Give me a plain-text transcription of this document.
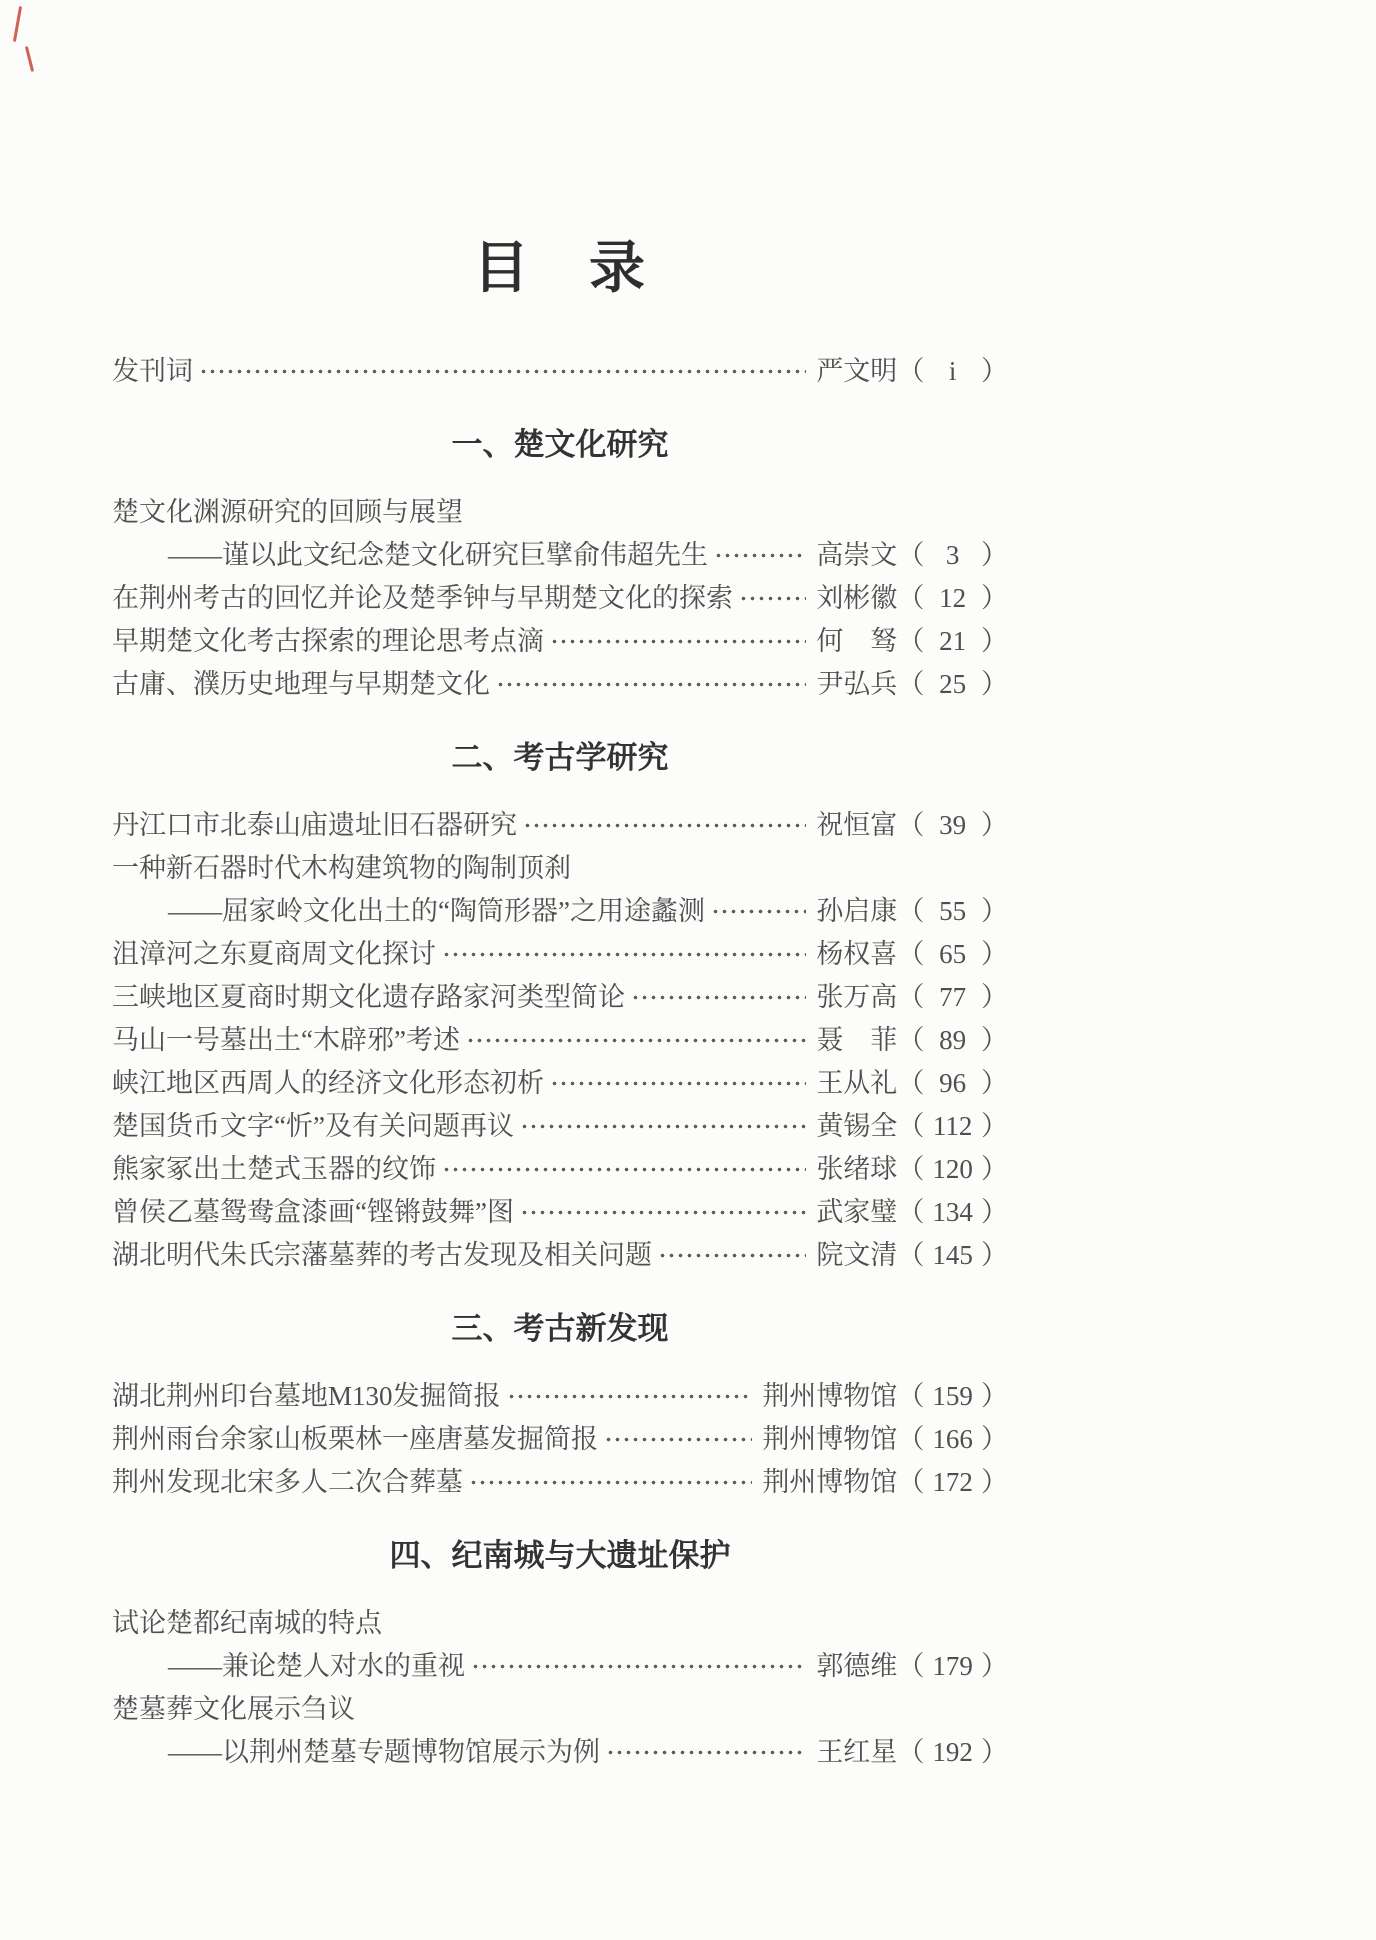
目　录
发刊词	严文明（ i ）
一、楚文化研究
楚文化渊源研究的回顾与展望
——谨以此文纪念楚文化研究巨擘俞伟超先生	高崇文（ 3 ）
在荆州考古的回忆并论及楚季钟与早期楚文化的探索	刘彬徽（ 12 ）
早期楚文化考古探索的理论思考点滴	何　驽（ 21 ）
古庸、濮历史地理与早期楚文化	尹弘兵（ 25 ）
二、考古学研究
丹江口市北泰山庙遗址旧石器研究	祝恒富（ 39 ）
一种新石器时代木构建筑物的陶制顶刹
——屈家岭文化出土的“陶筒形器”之用途蠡测	孙启康（ 55 ）
沮漳河之东夏商周文化探讨	杨权喜（ 65 ）
三峡地区夏商时期文化遗存路家河类型简论	张万高（ 77 ）
马山一号墓出土“木辟邪”考述	聂　菲（ 89 ）
峡江地区西周人的经济文化形态初析	王从礼（ 96 ）
楚国货币文字“忻”及有关问题再议	黄锡全（ 112 ）
熊家冢出土楚式玉器的纹饰	张绪球（ 120 ）
曾侯乙墓鸳鸯盒漆画“铿锵鼓舞”图	武家璧（ 134 ）
湖北明代朱氏宗藩墓葬的考古发现及相关问题	院文清（ 145 ）
三、考古新发现
湖北荆州印台墓地M130发掘简报	荆州博物馆（ 159 ）
荆州雨台余家山板栗林一座唐墓发掘简报	荆州博物馆（ 166 ）
荆州发现北宋多人二次合葬墓	荆州博物馆（ 172 ）
四、纪南城与大遗址保护
试论楚都纪南城的特点
——兼论楚人对水的重视	郭德维（ 179 ）
楚墓葬文化展示刍议
——以荆州楚墓专题博物馆展示为例	王红星（ 192 ）
